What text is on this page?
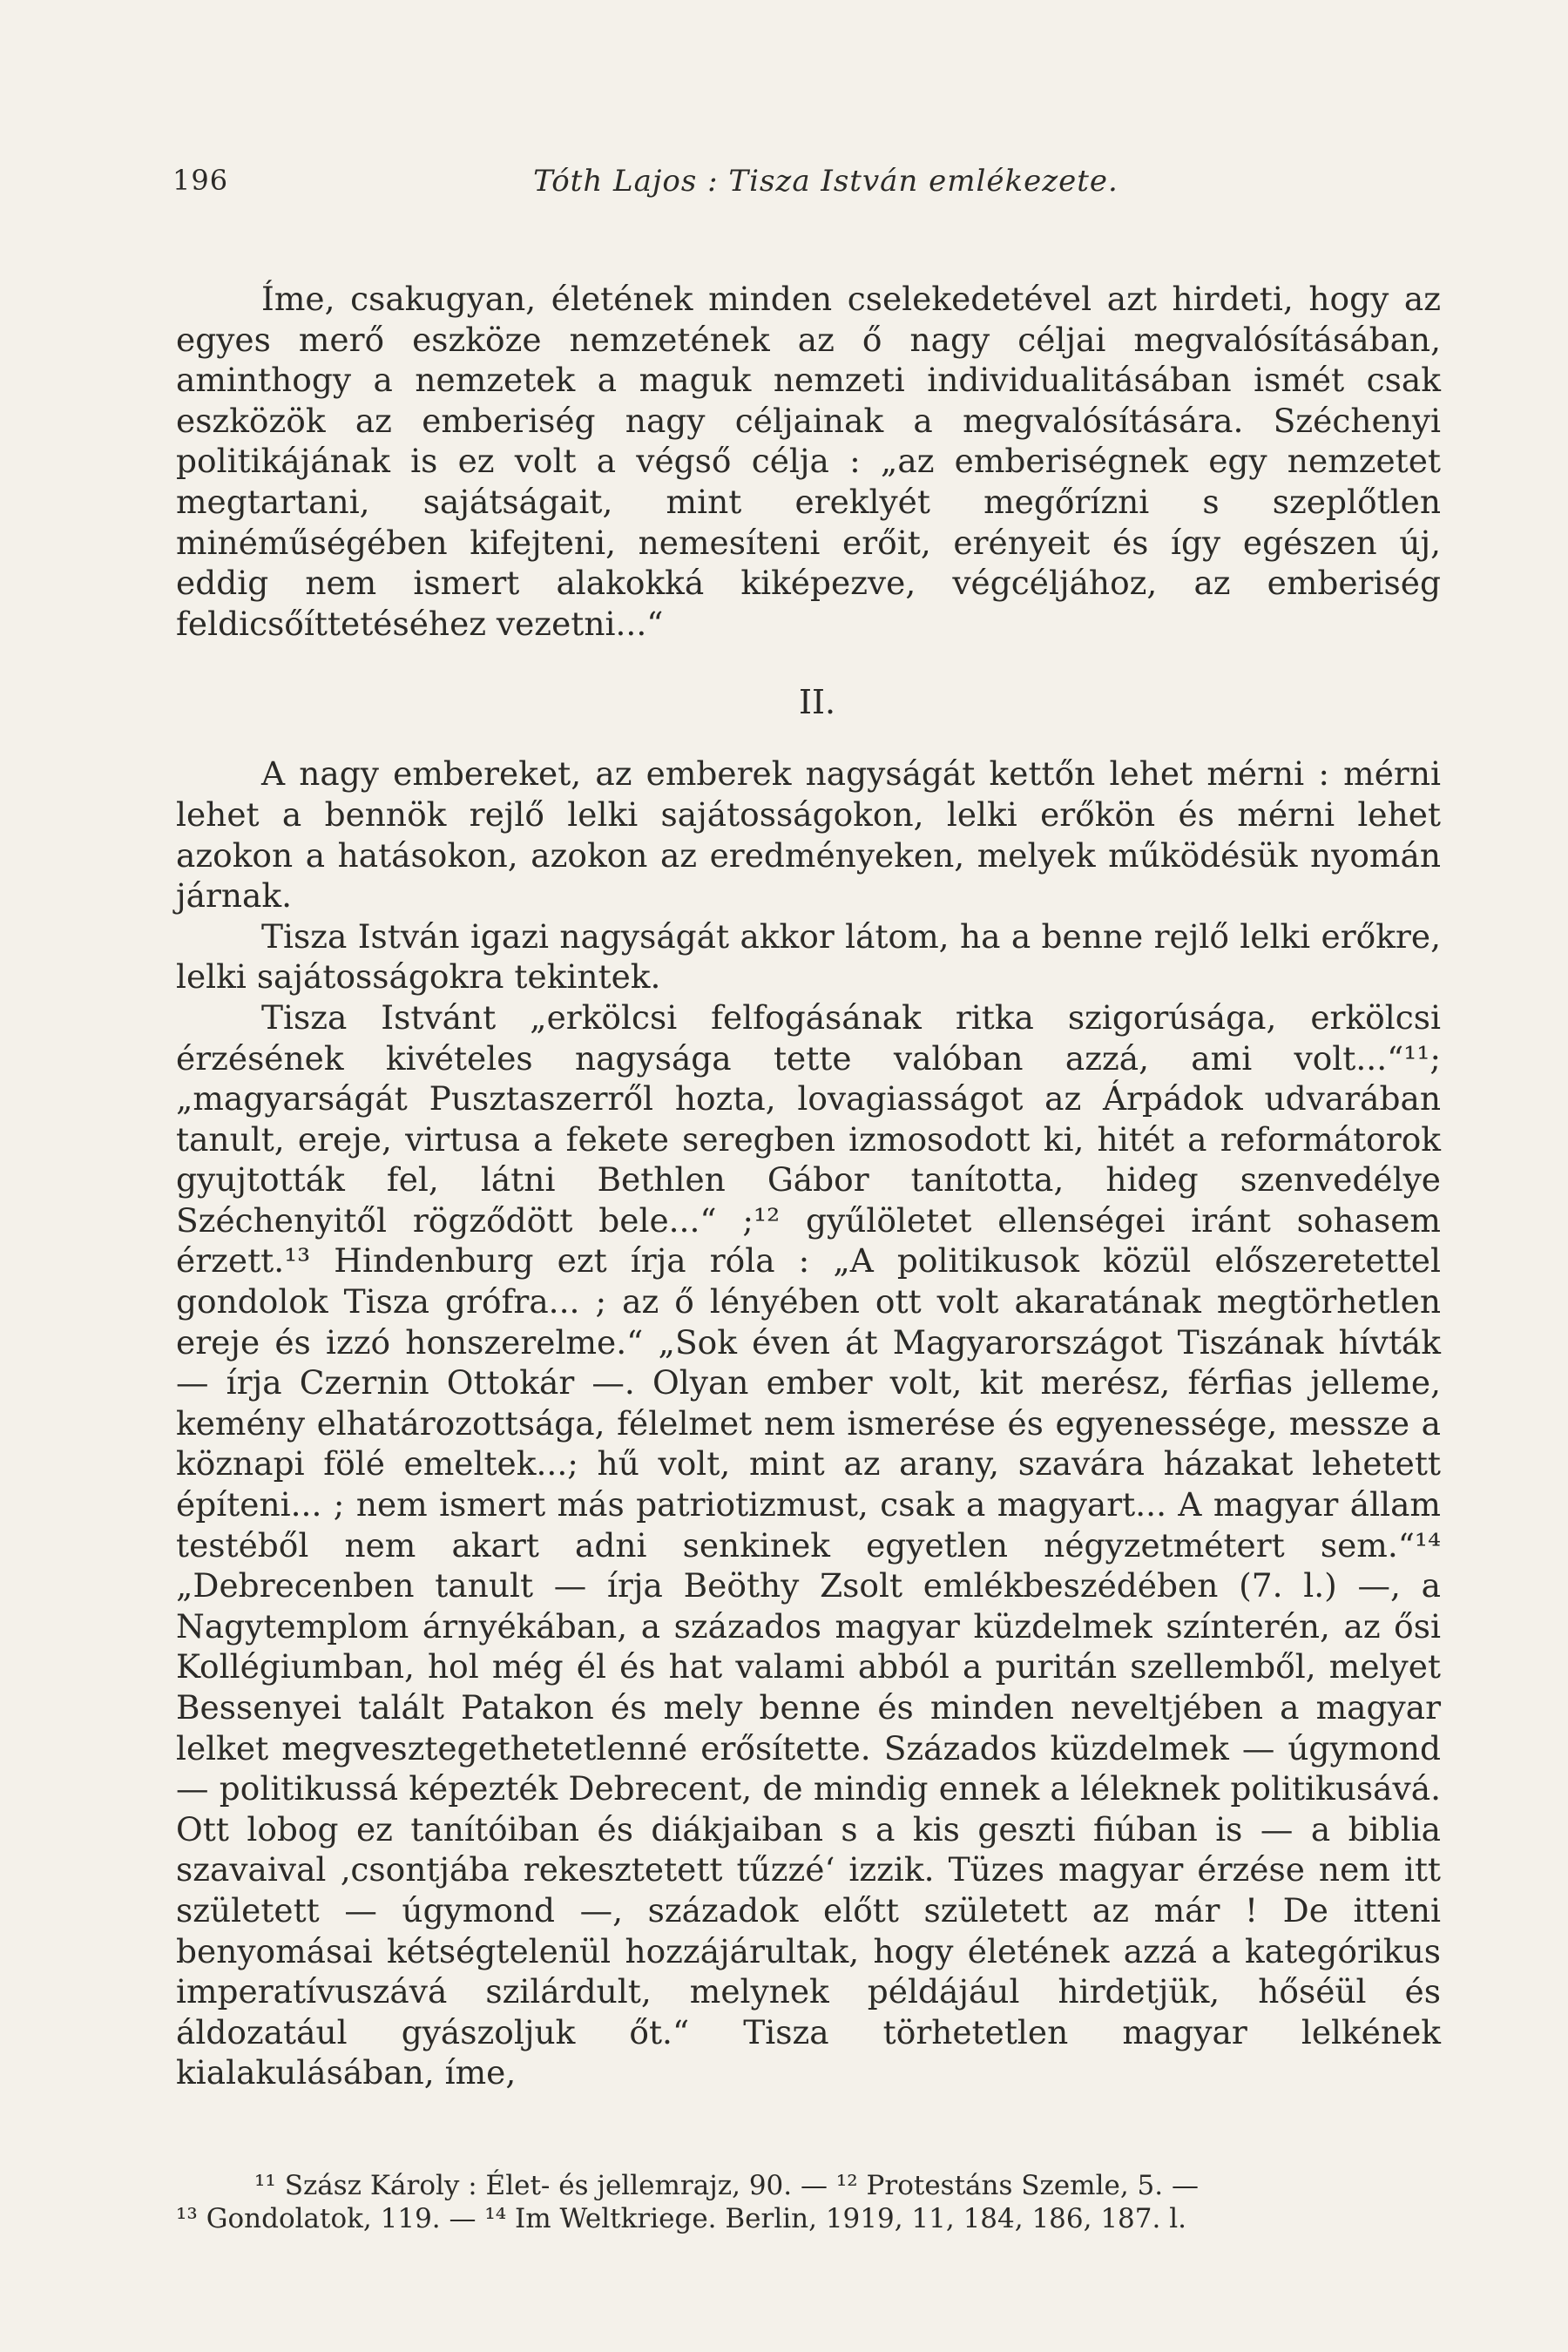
196	Tóth Lajos : Tisza István emlékezete.

Íme, csakugyan, életének minden cselekedetével azt hirdeti, hogy az egyes merő eszköze nemzetének az ő nagy céljai megvalósításában, aminthogy a nemzetek a maguk nemzeti individualitásában ismét csak eszközök az emberiség nagy céljainak a megvalósítására. Széchenyi politikájának is ez volt a végső célja : „az emberiségnek egy nemzetet megtartani, sajátságait, mint ereklyét megőrízni s szeplőtlen minéműségében kifejteni, nemesíteni erőit, erényeit és így egészen új, eddig nem ismert alakokká kiképezve, végcéljához, az emberiség feldicsőíttetéséhez vezetni...“

II.

A nagy embereket, az emberek nagyságát kettőn lehet mérni : mérni lehet a bennök rejlő lelki sajátosságokon, lelki erőkön és mérni lehet azokon a hatásokon, azokon az eredményeken, melyek működésük nyomán járnak.

Tisza István igazi nagyságát akkor látom, ha a benne rejlő lelki erőkre, lelki sajátosságokra tekintek.

Tisza Istvánt „erkölcsi felfogásának ritka szigorúsága, erkölcsi érzésének kivételes nagysága tette valóban azzá, ami volt...“¹¹; „magyarságát Pusztaszerről hozta, lovagiasságot az Árpádok udvarában tanult, ereje, virtusa a fekete seregben izmosodott ki, hitét a reformátorok gyujtották fel, látni Bethlen Gábor tanította, hideg szenvedélye Széchenyitől rögződött bele...“ ;¹² gyűlöletet ellenségei iránt sohasem érzett.¹³ Hindenburg ezt írja róla : „A politikusok közül előszeretettel gondolok Tisza grófra... ; az ő lényében ott volt akaratának megtörhetlen ereje és izzó honszerelme.“ „Sok éven át Magyarországot Tiszának hívták — írja Czernin Ottokár —. Olyan ember volt, kit merész, férfias jelleme, kemény elhatározottsága, félelmet nem ismerése és egyenessége, messze a köznapi fölé emeltek...; hű volt, mint az arany, szavára házakat lehetett építeni... ; nem ismert más patriotizmust, csak a magyart... A magyar állam testéből nem akart adni senkinek egyetlen négyzetmétert sem.“¹⁴ „Debrecenben tanult — írja Beöthy Zsolt emlékbeszédében (7. l.) —, a Nagytemplom árnyékában, a százados magyar küzdelmek színterén, az ősi Kollégiumban, hol még él és hat valami abból a puritán szellemből, melyet Bessenyei talált Patakon és mely benne és minden neveltjében a magyar lelket megvesztegethetetlenné erősítette. Százados küzdelmek — úgymond — politikussá képezték Debrecent, de mindig ennek a léleknek politikusává. Ott lobog ez tanítóiban és diákjaiban s a kis geszti fiúban is — a biblia szavaival ‚csontjába rekesztetett tűzzé‘ izzik. Tüzes magyar érzése nem itt született — úgymond —, századok előtt született az már ! De itteni benyomásai kétségtelenül hozzájárultak, hogy életének azzá a kategórikus imperatívuszává szilárdult, melynek példájául hirdetjük, hőséül és áldozatául gyászoljuk őt.“ Tisza törhetetlen magyar lelkének kialakulásában, íme,

¹¹ Szász Károly : Élet- és jellemrajz, 90. — ¹² Protestáns Szemle, 5. —

¹³ Gondolatok, 119. — ¹⁴ Im Weltkriege. Berlin, 1919, 11, 184, 186, 187. l.
